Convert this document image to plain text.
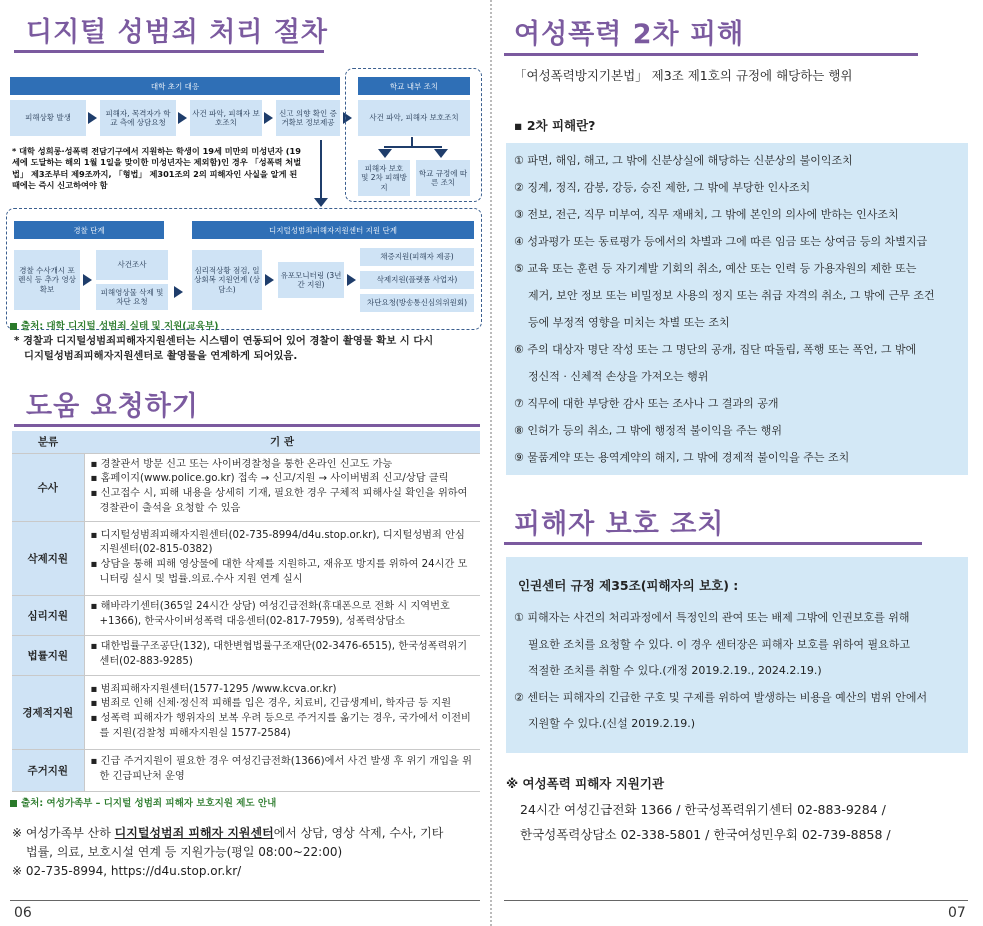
디지털 성범죄 처리 절차
대학 초기 대응
피해상황 발생
피해자, 목격자가 학교 측에 상담요청
사건 파악, 피해자 보호조치
신고 의향 확인 증거확보 정보제공
학교 내부 조치
사건 파악, 피해자 보호조치
피해자 보호 및 2차 피해방지
학교 규정에 따른 조치
* 대학 성희롱·성폭력 전담기구에서 지원하는 학생이 19세 미만의 미성년자 (19세에 도달하는 해의 1월 1일을 맞이한 미성년자는 제외함)인 경우 「성폭력 처벌법」 제3조부터 제9조까지, 「형법」 제301조의 2의 피해자인 사실을 알게 된 때에는 즉시 신고하여야 함
경찰 단계	디지털성범죄피해자지원센터 지원 단계
경찰 수사개시 포렌식 등 추가 영상 확보
사건조사
피해영상물 삭제 및 차단 요청
심리적상황 점검, 일상회복 지원연계 (상담소)
유포모니터링 (3년간 지원)
채증지원(피해자 제공)
삭제지원(플랫폼 사업자)
차단요청(방송통신심의위원회)
출처: 대학 디지털 성범죄 실태 및 지원(교육부)
* 경찰과 디지털성범죄피해자지원센터는 시스템이 연동되어 있어 경찰이 촬영물 확보 시 다시
디지털성범죄피해자지원센터로 촬영물을 연계하게 되어있음.
도움 요청하기
분류	기 관
수사	▪ 경찰관서 방문 신고 또는 사이버경찰청을 통한 온라인 신고도 가능
▪ 홈페이지(www.police.go.kr) 접속 → 신고/지원 → 사이버범죄 신고/상담 클릭
▪ 신고접수 시, 피해 내용을 상세히 기재, 필요한 경우 구체적 피해사실 확인을 위하여 경찰관이 출석을 요청할 수 있음

삭제지원	▪ 디지털성범죄피해자지원센터(02-735-8994/d4u.stop.or.kr), 디지털성범죄 안심지원센터(02-815-0382)
▪ 상담을 통해 피해 영상물에 대한 삭제를 지원하고, 재유포 방지를 위하여 24시간 모니터링 실시 및 법률.의료.수사 지원 연계 실시

심리지원	▪ 해바라기센터(365일 24시간 상담) 여성긴급전화(휴대폰으로 전화 시 지역번호+1366), 한국사이버성폭력 대응센터(02-817-7959), 성폭력상담소

법률지원	▪ 대한법률구조공단(132), 대한변협법률구조재단(02-3476-6515), 한국성폭력위기센터(02-883-9285)

경제적지원	▪ 범죄피해자지원센터(1577-1295 /www.kcva.or.kr)
▪ 범죄로 인해 신체·정신적 피해를 입은 경우, 치료비, 긴급생계비, 학자금 등 지원
▪ 성폭력 피해자가 행위자의 보복 우려 등으로 주거지를 옮기는 경우, 국가에서 이전비를 지원(검찰청 피해자지원실 1577-2584)

주거지원	▪ 긴급 주거지원이 필요한 경우 여성긴급전화(1366)에서 사건 발생 후 위기 개입을 위한 긴급피난처 운영
출처: 여성가족부 – 디지털 성범죄 피해자 보호지원 제도 안내
※ 여성가족부 산하 디지털성범죄 피해자 지원센터에서 상담, 영상 삭제, 수사, 기타
법률, 의료, 보호시설 연계 등 지원가능(평일 08:00~22:00)
※ 02-735-8994, https://d4u.stop.or.kr/
06
여성폭력 2차 피해
「여성폭력방지기본법」 제3조 제1호의 규정에 해당하는 행위
▪ 2차 피해란?
① 파면, 해임, 해고, 그 밖에 신분상실에 해당하는 신분상의 불이익조치
② 징계, 정직, 감봉, 강등, 승진 제한, 그 밖에 부당한 인사조치
③ 전보, 전근, 직무 미부여, 직무 재배치, 그 밖에 본인의 의사에 반하는 인사조치
④ 성과평가 또는 동료평가 등에서의 차별과 그에 따른 임금 또는 상여금 등의 차별지급
⑤ 교육 또는 훈련 등 자기계발 기회의 취소, 예산 또는 인력 등 가용자원의 제한 또는
제거, 보안 정보 또는 비밀정보 사용의 정지 또는 취급 자격의 취소, 그 밖에 근무 조건
등에 부정적 영향을 미치는 차별 또는 조치
⑥ 주의 대상자 명단 작성 또는 그 명단의 공개, 집단 따돌림, 폭행 또는 폭언, 그 밖에
정신적 · 신체적 손상을 가져오는 행위
⑦ 직무에 대한 부당한 감사 또는 조사나 그 결과의 공개
⑧ 인허가 등의 취소, 그 밖에 행정적 불이익을 주는 행위
⑨ 물품계약 또는 용역계약의 해지, 그 밖에 경제적 불이익을 주는 조치
피해자 보호 조치
인권센터 규정 제35조(피해자의 보호) :
① 피해자는 사건의 처리과정에서 특정인의 관여 또는 배제 그밖에 인권보호를 위해
필요한 조치를 요청할 수 있다. 이 경우 센터장은 피해자 보호를 위하여 필요하고
적절한 조치를 취할 수 있다.(개정 2019.2.19., 2024.2.19.)
② 센터는 피해자의 긴급한 구호 및 구제를 위하여 발생하는 비용을 예산의 범위 안에서
지원할 수 있다.(신설 2019.2.19.)
※ 여성폭력 피해자 지원기관
24시간 여성긴급전화 1366 / 한국성폭력위기센터 02-883-9284 /
한국성폭력상담소 02-338-5801 / 한국여성민우회 02-739-8858 /
07
